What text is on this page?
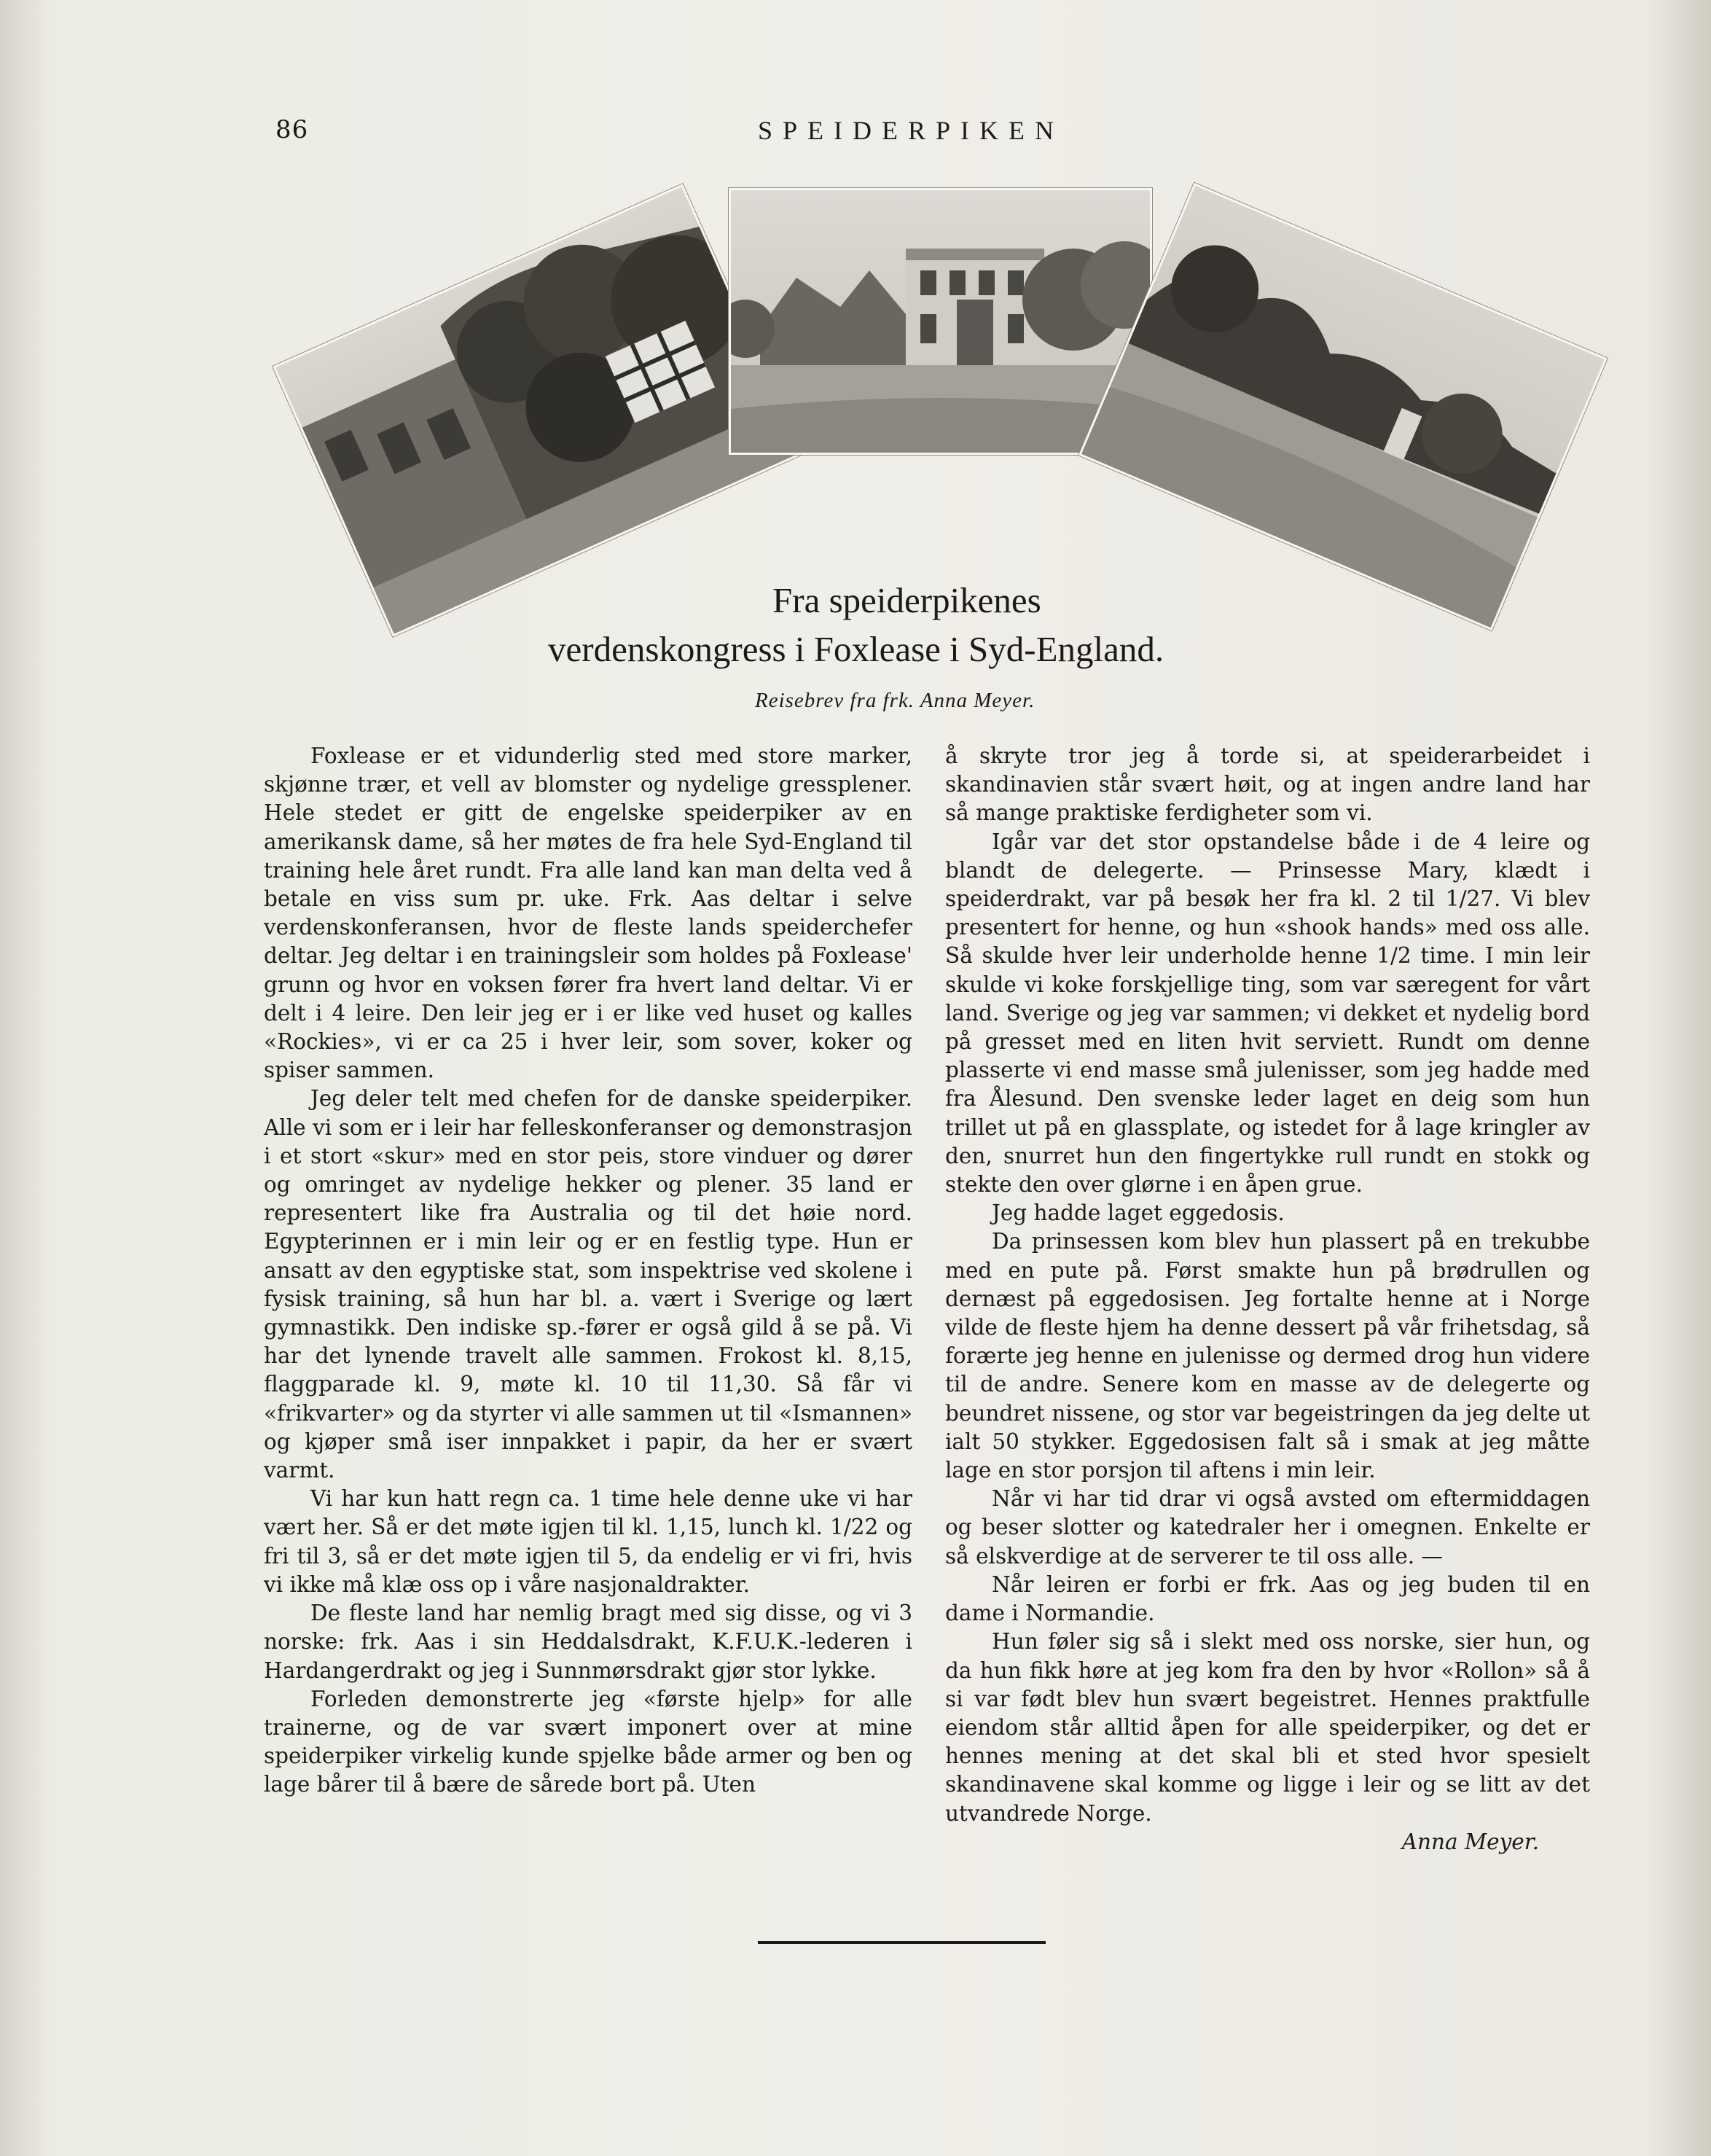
86	SPEIDERPIKEN
Fra speiderpikenes
verdenskongress i Foxlease i Syd-England.
Reisebrev fra frk. Anna Meyer.

Foxlease er et vidunderlig sted med store marker, skjønne trær, et vell av blomster og nydelige gressplener. Hele stedet er gitt de engelske speiderpiker av en amerikansk dame, så her møtes de fra hele Syd-England til training hele året rundt. Fra alle land kan man delta ved å betale en viss sum pr. uke. Frk. Aas deltar i selve verdenskonferansen, hvor de fleste lands speiderchefer deltar. Jeg deltar i en trainingsleir som holdes på Foxlease' grunn og hvor en voksen fører fra hvert land deltar. Vi er delt i 4 leire. Den leir jeg er i er like ved huset og kalles «Rockies», vi er ca 25 i hver leir, som sover, koker og spiser sammen.

Jeg deler telt med chefen for de danske speiderpiker. Alle vi som er i leir har felleskonferanser og demonstrasjon i et stort «skur» med en stor peis, store vinduer og dører og omringet av nydelige hekker og plener. 35 land er representert like fra Australia og til det høie nord. Egypterinnen er i min leir og er en festlig type. Hun er ansatt av den egyptiske stat, som inspektrise ved skolene i fysisk training, så hun har bl. a. vært i Sverige og lært gymnastikk. Den indiske sp.-fører er også gild å se på. Vi har det lynende travelt alle sammen. Frokost kl. 8,15, flaggparade kl. 9, møte kl. 10 til 11,30. Så får vi «frikvarter» og da styrter vi alle sammen ut til «Ismannen» og kjøper små iser innpakket i papir, da her er svært varmt.

Vi har kun hatt regn ca. 1 time hele denne uke vi har vært her. Så er det møte igjen til kl. 1,15, lunch kl. 1/22 og fri til 3, så er det møte igjen til 5, da endelig er vi fri, hvis vi ikke må klæ oss op i våre nasjonaldrakter.

De fleste land har nemlig bragt med sig disse, og vi 3 norske: frk. Aas i sin Heddalsdrakt, K.F.U.K.-lederen i Hardangerdrakt og jeg i Sunnmørsdrakt gjør stor lykke.

Forleden demonstrerte jeg «første hjelp» for alle trainerne, og de var svært imponert over at mine speiderpiker virkelig kunde spjelke både armer og ben og lage bårer til å bære de sårede bort på. Uten

å skryte tror jeg å torde si, at speiderarbeidet i skandinavien står svært høit, og at ingen andre land har så mange praktiske ferdigheter som vi.

Igår var det stor opstandelse både i de 4 leire og blandt de delegerte. — Prinsesse Mary, klædt i speiderdrakt, var på besøk her fra kl. 2 til 1/27. Vi blev presentert for henne, og hun «shook hands» med oss alle. Så skulde hver leir underholde henne 1/2 time. I min leir skulde vi koke forskjellige ting, som var særegent for vårt land. Sverige og jeg var sammen; vi dekket et nydelig bord på gresset med en liten hvit serviett. Rundt om denne plasserte vi end masse små julenisser, som jeg hadde med fra Ålesund. Den svenske leder laget en deig som hun trillet ut på en glassplate, og istedet for å lage kringler av den, snurret hun den fingertykke rull rundt en stokk og stekte den over glørne i en åpen grue.

Jeg hadde laget eggedosis.

Da prinsessen kom blev hun plassert på en trekubbe med en pute på. Først smakte hun på brødrullen og dernæst på eggedosisen. Jeg fortalte henne at i Norge vilde de fleste hjem ha denne dessert på vår frihetsdag, så forærte jeg henne en julenisse og dermed drog hun videre til de andre. Senere kom en masse av de delegerte og beundret nissene, og stor var begeistringen da jeg delte ut ialt 50 stykker. Eggedosisen falt så i smak at jeg måtte lage en stor porsjon til aftens i min leir.

Når vi har tid drar vi også avsted om eftermiddagen og beser slotter og katedraler her i omegnen. Enkelte er så elskverdige at de serverer te til oss alle. —

Når leiren er forbi er frk. Aas og jeg buden til en dame i Normandie.

Hun føler sig så i slekt med oss norske, sier hun, og da hun fikk høre at jeg kom fra den by hvor «Rollon» så å si var født blev hun svært begeistret. Hennes praktfulle eiendom står alltid åpen for alle speiderpiker, og det er hennes mening at det skal bli et sted hvor spesielt skandinavene skal komme og ligge i leir og se litt av det utvandrede Norge.

Anna Meyer.
